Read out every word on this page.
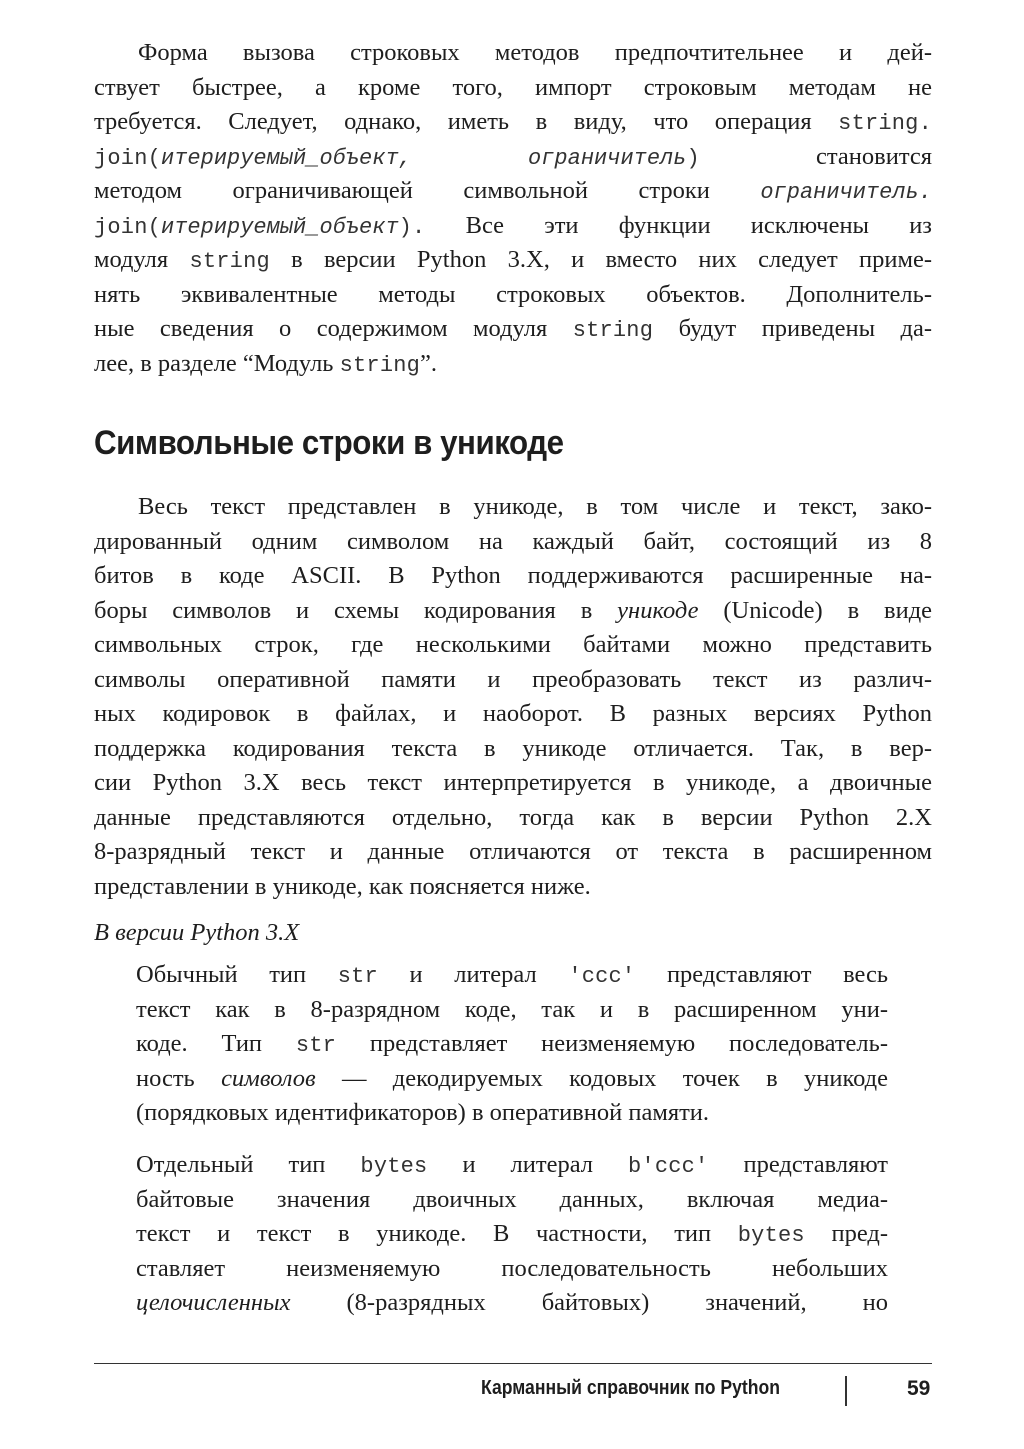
Форма вызова строковых методов предпочтительнее и дей-
ствует быстрее, а кроме того, импорт строковым методам не
требуется. Следует, однако, иметь в виду, что операция string.
join(итерируемый_объект,	ограничитель)	становится
методом ограничивающей символьной строки ограничитель.
join(итерируемый_объект). Все эти функции исключены из
модуля string в версии Python 3.X, и вместо них следует приме-
нять эквивалентные методы строковых объектов. Дополнитель-
ные сведения о содержимом модуля string будут приведены да-
лее, в разделе “Модуль string”.
Символьные строки в уникоде
Весь текст представлен в уникоде, в том числе и текст, зако-
дированный одним символом на каждый байт, состоящий из 8
битов в коде ASCII. В Python поддерживаются расширенные на-
боры символов и схемы кодирования в уникоде (Unicode) в виде
символьных строк, где несколькими байтами можно представить
символы оперативной памяти и преобразовать текст из различ-
ных кодировок в файлах, и наоборот. В разных версиях Python
поддержка кодирования текста в уникоде отличается. Так, в вер-
сии Python 3.X весь текст интерпретируется в уникоде, а двоичные
данные представляются отдельно, тогда как в версии Python 2.X
8-разрядный текст и данные отличаются от текста в расширенном
представлении в уникоде, как поясняется ниже.
В версии Python 3.X
Обычный тип str и литерал 'ccc' представляют весь
текст как в 8-разрядном коде, так и в расширенном уни-
коде. Тип str представляет неизменяемую последователь-
ность символов — декодируемых кодовых точек в уникоде
(порядковых идентификаторов) в оперативной памяти.
Отдельный тип bytes и литерал b'ccc' представляют
байтовые значения двоичных данных, включая медиа-
текст и текст в уникоде. В частности, тип bytes пред-
ставляет неизменяемую последовательность небольших
целочисленных (8-разрядных байтовых) значений, но
Карманный справочник по Python	59
